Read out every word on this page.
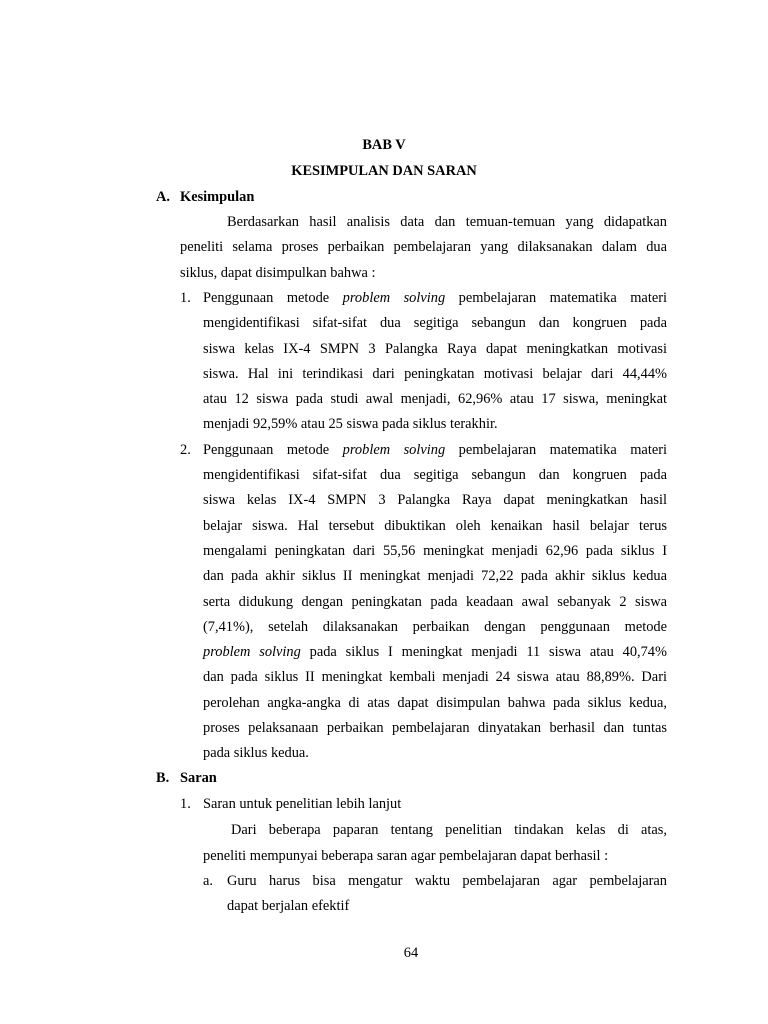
BAB V
KESIMPULAN DAN SARAN
A. Kesimpulan
Berdasarkan hasil analisis data dan temuan-temuan yang didapatkan
peneliti selama proses perbaikan pembelajaran yang dilaksanakan dalam dua
siklus, dapat disimpulkan bahwa :
1. Penggunaan metode problem solving pembelajaran matematika materi
mengidentifikasi sifat-sifat dua segitiga sebangun dan kongruen pada
siswa kelas IX-4 SMPN 3 Palangka Raya dapat meningkatkan motivasi
siswa. Hal ini terindikasi dari peningkatan motivasi belajar dari 44,44%
atau 12 siswa pada studi awal menjadi, 62,96% atau 17 siswa, meningkat
menjadi 92,59% atau 25 siswa pada siklus terakhir.
2. Penggunaan metode problem solving pembelajaran matematika materi
mengidentifikasi sifat-sifat dua segitiga sebangun dan kongruen pada
siswa kelas IX-4 SMPN 3 Palangka Raya dapat meningkatkan hasil
belajar siswa. Hal tersebut dibuktikan oleh kenaikan hasil belajar terus
mengalami peningkatan dari 55,56 meningkat menjadi 62,96 pada siklus I
dan pada akhir siklus II meningkat menjadi 72,22 pada akhir siklus kedua
serta didukung dengan peningkatan pada keadaan awal sebanyak 2 siswa
(7,41%), setelah dilaksanakan perbaikan dengan penggunaan metode
problem solving pada siklus I meningkat menjadi 11 siswa atau 40,74%
dan pada siklus II meningkat kembali menjadi 24 siswa atau 88,89%. Dari
perolehan angka-angka di atas dapat disimpulan bahwa pada siklus kedua,
proses pelaksanaan perbaikan pembelajaran dinyatakan berhasil dan tuntas
pada siklus kedua.
B. Saran
1. Saran untuk penelitian lebih lanjut
Dari beberapa paparan tentang penelitian tindakan kelas di atas,
peneliti mempunyai beberapa saran agar pembelajaran dapat berhasil :
a. Guru harus bisa mengatur waktu pembelajaran agar pembelajaran
dapat berjalan efektif
64
